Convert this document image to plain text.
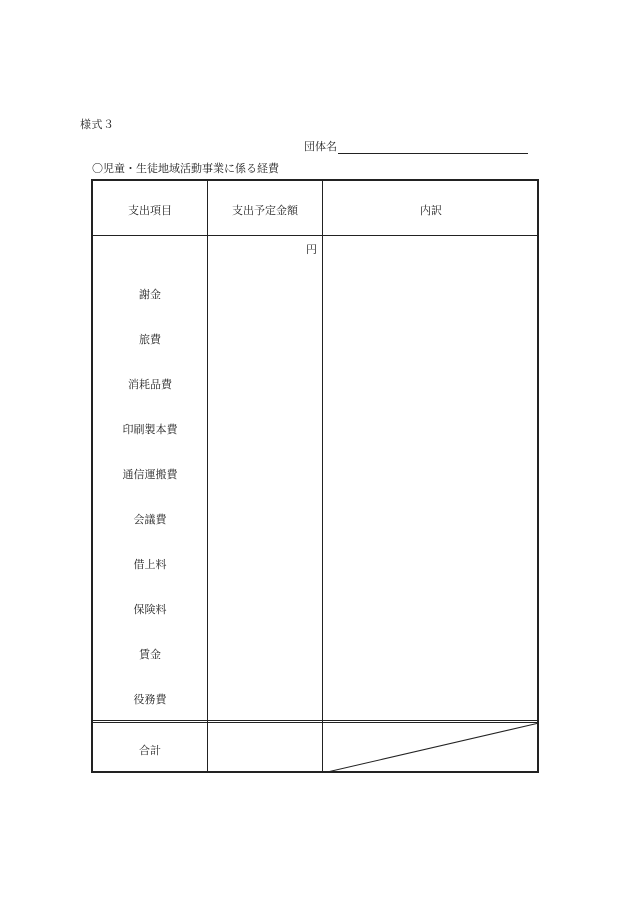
様式３
団体名
〇児童・生徒地域活動事業に係る経費
支出項目	支出予定金額	内訳
円
謝金
旅費
消耗品費
印刷製本費
通信運搬費
会議費
借上料
保険料
賃金
役務費
合計
